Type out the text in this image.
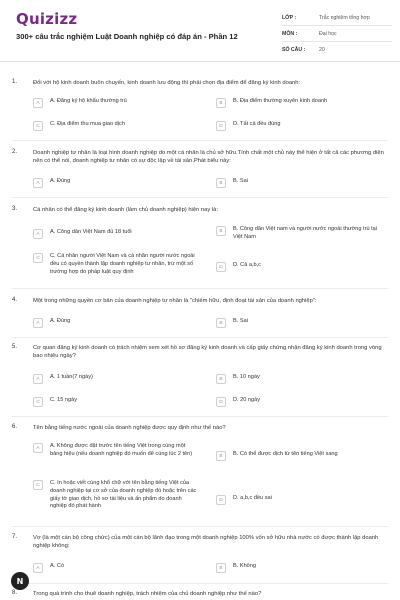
Quizizz
300+ câu trắc nghiệm Luật Doanh nghiệp có đáp án - Phần 12
LỚP :	Trắc nghiệm tổng hợp
MÔN :	Đại học
SỐ CÂU :	20
1.	Đối với hộ kinh doanh buôn chuyến, kinh doanh lưu động thì phải chọn địa điểm để đăng ký kinh doanh:
A	A. Đăng ký hộ khẩu thường trú	B	B. Địa điểm thường xuyên kinh doanh
C	C. Địa điểm thu mua giao dịch	D	D. Tất cả đều đúng
2.	Doanh nghiệp tư nhân là loại hình doanh nghiệp do một cá nhân là chủ sở hữu.Tính chất một chủ này thể hiện ở tất cả các phương diện nên có thể nói, doanh nghiệp tư nhân có sự độc lập về tài sản.Phát biểu này:
A	A. Đúng	B	B. Sai
3.	Cá nhân có thể đăng ký kinh doanh (làm chủ doanh nghiệp) hiện nay là:
A	A. Công dân Việt Nam đủ 18 tuổi	B	B. Công dân Việt nam và người nước ngoài thường trú tại Việt Nam
C	C. Cá nhân người Việt Nam và cá nhân người nước ngoài đều có quyền thành lập doanh nghiệp tư nhân, trừ một số trường hợp do pháp luật quy định
D	D. Cả a,b,c
4.	Một trong những quyền cơ bản của doanh nghiệp tư nhân là "chiếm hữu, định đoạt tài sản của doanh nghiệp":
A	A. Đúng	B	B. Sai
5.	Cơ quan đăng ký kinh doanh có trách nhiệm xem xét hồ sơ đăng ký kinh doanh và cấp giấy chứng nhận đăng ký kinh doanh trong vòng bao nhiêu ngày?
A	A. 1 tuần(7 ngày)	B	B. 10 ngày
C	C. 15 ngày	D	D. 20 ngày
6.	Tên bằng tiếng nước ngoài của doanh nghiệp được quy định như thế nào?
A	A. Không được đặt trước tên tiếng Việt trong cùng một bảng hiệu (nếu doanh nghiệp đó muốn để cùng lúc 2 tên)	B	B. Có thể được dịch từ tên tiếng Việt sang
C	C. In hoặc viết cùng khổ chữ với tên bằng tiếng Việt của doanh nghiệp tại cơ sở của doanh nghiệp đó hoặc trên các giấy tờ giao dịch, hồ sơ tài liệu và ấn phẩm do doanh nghiệp đó phát hành
D	D. a,b,c đều sai
7.	Vợ (là một cán bộ công chức) của một cán bộ lãnh đạo trong một doanh nghiệp 100% vốn sở hữu nhà nước có được thành lập doanh nghiệp không:
A	A. Có	B	B. Không
8.	Trong quá trình cho thuê doanh nghiệp, trách nhiệm của chủ doanh nghiệp như thế nào?
N
